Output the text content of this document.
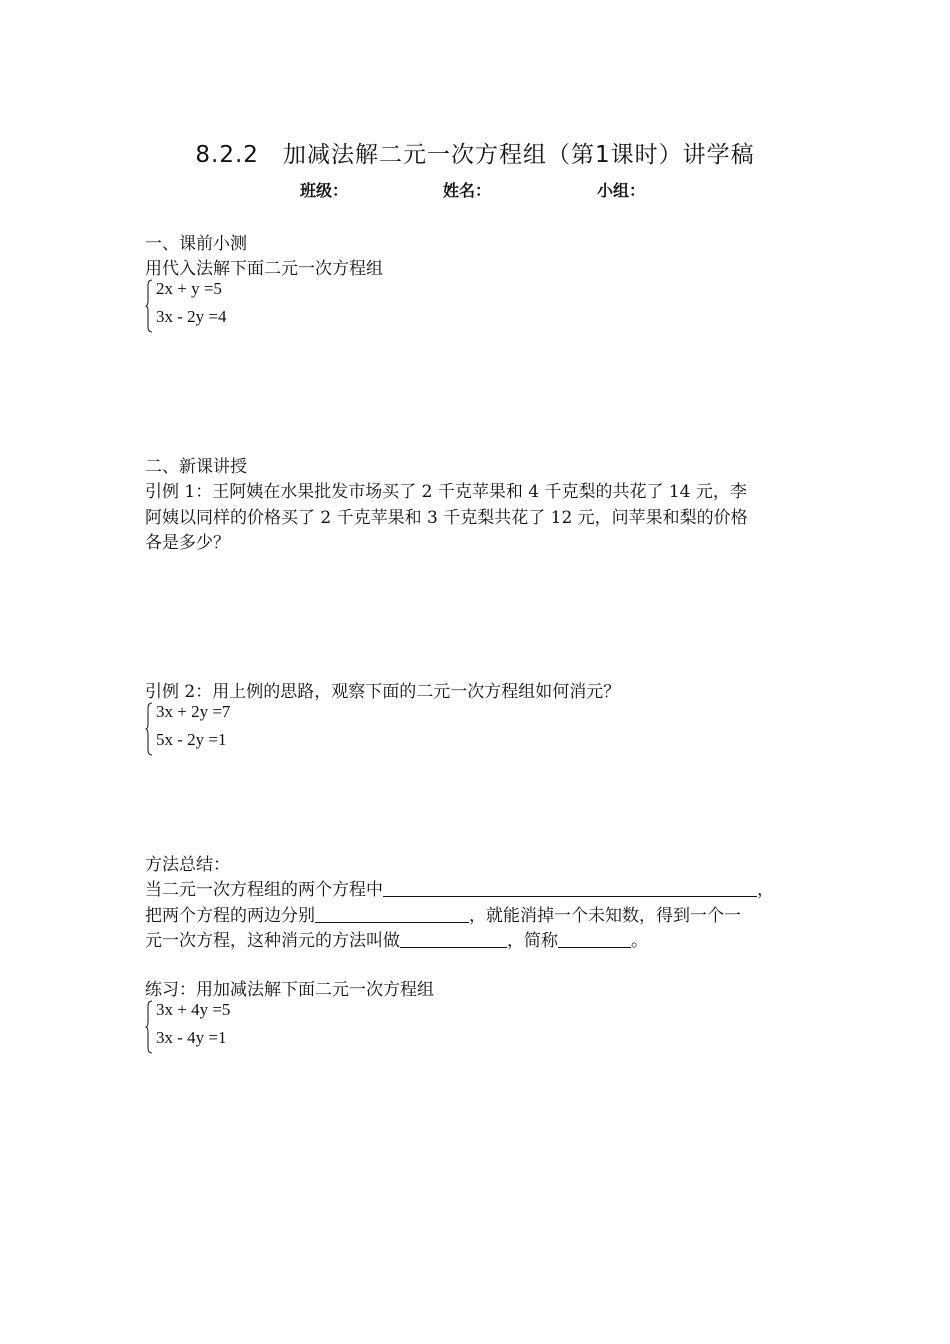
8.2.2　加减法解二元一次方程组（第1课时）讲学稿
班级：	姓名：	小组：
一、课前小测
用代入法解下面二元一次方程组
2x + y =5
3x - 2y =4
二、新课讲授
引例 1：王阿姨在水果批发市场买了 2 千克苹果和 4 千克梨的共花了 14 元，李
阿姨以同样的价格买了 2 千克苹果和 3 千克梨共花了 12 元，问苹果和梨的价格
各是多少？
引例 2：用上例的思路，观察下面的二元一次方程组如何消元？
3x + 2y =7
5x - 2y =1
方法总结：
当二元一次方程组的两个方程中	，
把两个方程的两边分别	，就能消掉一个未知数，得到一个一
元一次方程，这种消元的方法叫做	，简称	。
练习：用加减法解下面二元一次方程组
3x + 4y =5
3x - 4y =1
